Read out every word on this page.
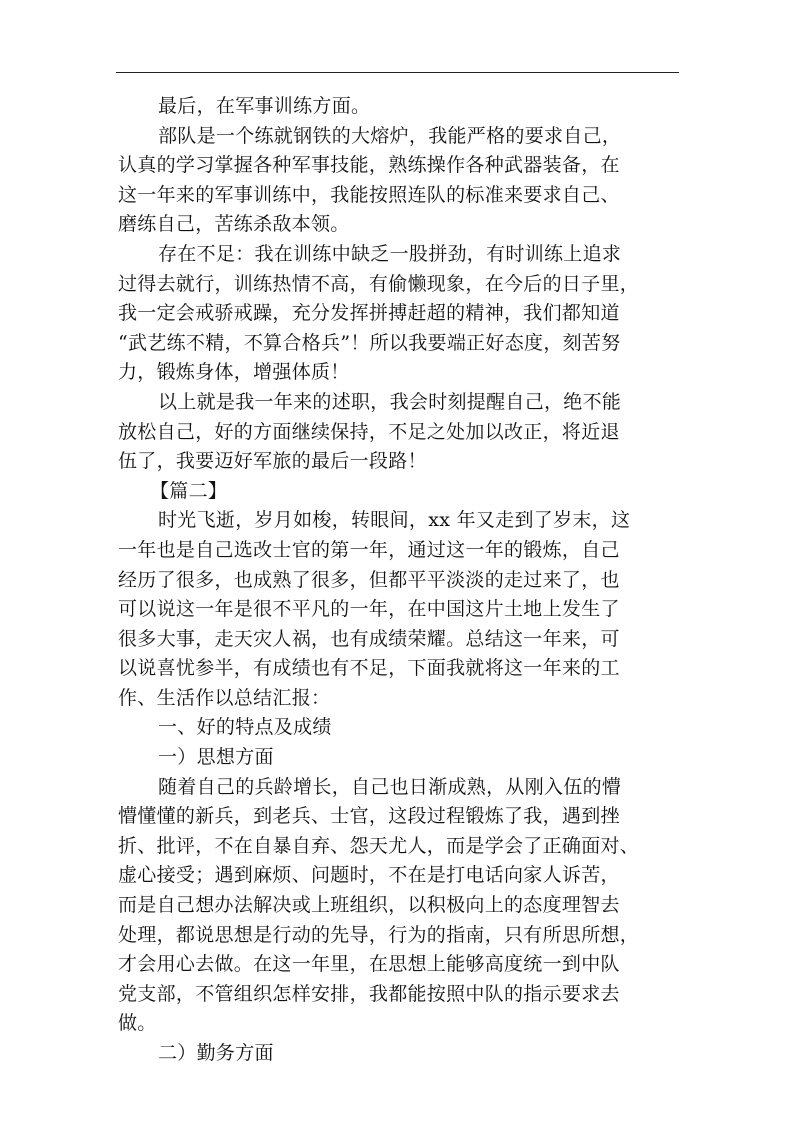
最后，在军事训练方面。
部队是一个练就钢铁的大熔炉，我能严格的要求自己，
认真的学习掌握各种军事技能，熟练操作各种武器装备，在
这一年来的军事训练中，我能按照连队的标准来要求自己、
磨练自己，苦练杀敌本领。
存在不足：我在训练中缺乏一股拼劲，有时训练上追求
过得去就行，训练热情不高，有偷懒现象，在今后的日子里，
我一定会戒骄戒躁，充分发挥拼搏赶超的精神，我们都知道
“武艺练不精，不算合格兵”！所以我要端正好态度，刻苦努
力，锻炼身体，增强体质！
以上就是我一年来的述职，我会时刻提醒自己，绝不能
放松自己，好的方面继续保持，不足之处加以改正，将近退
伍了，我要迈好军旅的最后一段路！
【篇二】
时光飞逝，岁月如梭，转眼间，xx 年又走到了岁末，这
一年也是自己选改士官的第一年，通过这一年的锻炼，自己
经历了很多，也成熟了很多，但都平平淡淡的走过来了，也
可以说这一年是很不平凡的一年，在中国这片土地上发生了
很多大事，走天灾人祸，也有成绩荣耀。总结这一年来，可
以说喜忧参半，有成绩也有不足，下面我就将这一年来的工
作、生活作以总结汇报：
一、好的特点及成绩
一）思想方面
随着自己的兵龄增长，自己也日渐成熟，从刚入伍的懵
懵懂懂的新兵，到老兵、士官，这段过程锻炼了我，遇到挫
折、批评，不在自暴自弃、怨天尤人，而是学会了正确面对、
虚心接受；遇到麻烦、问题时，不在是打电话向家人诉苦，
而是自己想办法解决或上班组织，以积极向上的态度理智去
处理，都说思想是行动的先导，行为的指南，只有所思所想，
才会用心去做。在这一年里，在思想上能够高度统一到中队
党支部，不管组织怎样安排，我都能按照中队的指示要求去
做。
二）勤务方面
